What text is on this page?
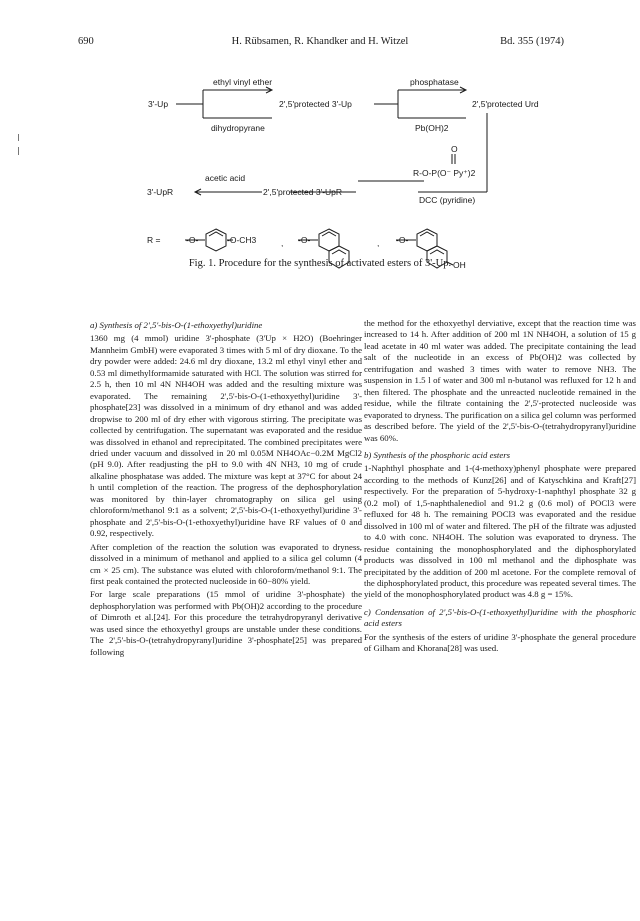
690	H. Rübsamen, R. Khandker and H. Witzel	Bd. 355 (1974)
3'-Up
ethyl vinyl ether
dihydropyrane
2',5'protected 3'-Up
phosphatase
Pb(OH)2
2',5'protected Urd
O
R-O-P(O⁻ Py⁺)2
DCC (pyridine)
acetic acid
2',5'protected 3'-UpR
3'-UpR
R =	-O-	-O-CH3	, -O-	, -O-
OH
Fig. 1. Procedure for the synthesis of activated esters of 3'-Up.

a) Synthesis of 2',5'-bis-O-(1-ethoxyethyl)uridine

1360 mg (4 mmol) uridine 3'-phosphate (3'Up × H2O) (Boehringer Mannheim GmbH) were evaporated 3 times with 5 ml of dry dioxane. To the dry powder were added: 24.6 ml dry dioxane, 13.2 ml ethyl vinyl ether and 0.53 ml dimethylformamide saturated with HCl. The solution was stirred for 2.5 h, then 10 ml 4N NH4OH was added and the resulting mixture was evaporated. The remaining 2',5'-bis-O-(1-ethoxyethyl)uridine 3'-phosphate[23] was dissolved in a minimum of dry ethanol and was added dropwise to 200 ml of dry ether with vigorous stirring. The precipitate was collected by centrifugation. The supernatant was evaporated and the residue was dissolved in ethanol and reprecipitated. The combined precipitates were dried under vacuum and dissolved in 20 ml 0.05M NH4OAc−0.2M MgCl2 (pH 9.0). After readjusting the pH to 9.0 with 4N NH3, 10 mg of crude alkaline phosphatase was added. The mixture was kept at 37°C for about 24 h until completion of the reaction. The progress of the dephosphorylation was monitored by thin-layer chromatography on silica gel using chloroform/methanol 9:1 as a solvent; 2',5'-bis-O-(1-ethoxyethyl)uridine 3'-phosphate and 2',5'-bis-O-(1-ethoxyethyl)uridine have RF values of 0 and 0.92, respectively.

After completion of the reaction the solution was evaporated to dryness, dissolved in a minimum of methanol and applied to a silica gel column (4 cm × 25 cm). The substance was eluted with chloroform/methanol 9:1. The first peak contained the protected nucleoside in 60−80% yield.

For large scale preparations (15 mmol of uridine 3'-phosphate) the dephosphorylation was performed with Pb(OH)2 according to the procedure of Dimroth et al.[24]. For this procedure the tetrahydropyranyl derivative was used since the ethoxyethyl groups are unstable under these conditions. The 2',5'-bis-O-(tetrahydropyranyl)uridine 3'-phosphate[25] was prepared following

the method for the ethoxyethyl derviative, except that the reaction time was increased to 14 h. After addition of 200 ml 1N NH4OH, a solution of 15 g lead acetate in 40 ml water was added. The precipitate containing the lead salt of the nucleotide in an excess of Pb(OH)2 was collected by centrifugation and washed 3 times with water to remove NH3. The suspension in 1.5 l of water and 300 ml n-butanol was refluxed for 12 h and then filtered. The phosphate and the unreacted nucleotide remained in the residue, while the filtrate containing the 2',5'-protected nucleoside was evaporated to dryness. The purification on a silica gel column was performed as described before. The yield of the 2',5'-bis-O-(tetrahydropyranyl)uridine was 60%.

b) Synthesis of the phosphoric acid esters

1-Naphthyl phosphate and 1-(4-methoxy)phenyl phosphate were prepared according to the methods of Kunz[26] and of Katyschkina and Kraft[27] respectively. For the preparation of 5-hydroxy-1-naphthyl phosphate 32 g (0.2 mol) of 1,5-naphthalenediol and 91.2 g (0.6 mol) of POCl3 were refluxed for 48 h. The remaining POCl3 was evaporated and the residue dissolved in 100 ml of water and filtered. The pH of the filtrate was adjusted to 4.0 with conc. NH4OH. The solution was evaporated to dryness. The residue containing the monophosphorylated and the diphosphorylated products was dissolved in 100 ml methanol and the diphosphate was precipitated by the addition of 200 ml acetone. For the complete removal of the diphosphorylated product, this procedure was repeated several times. The yield of the monophosphorylated product was 4.8 g = 15%.

c) Condensation of 2',5'-bis-O-(1-ethoxyethyl)uridine with the phosphoric acid esters

For the synthesis of the esters of uridine 3'-phosphate the general procedure of Gilham and Khorana[28] was used.
